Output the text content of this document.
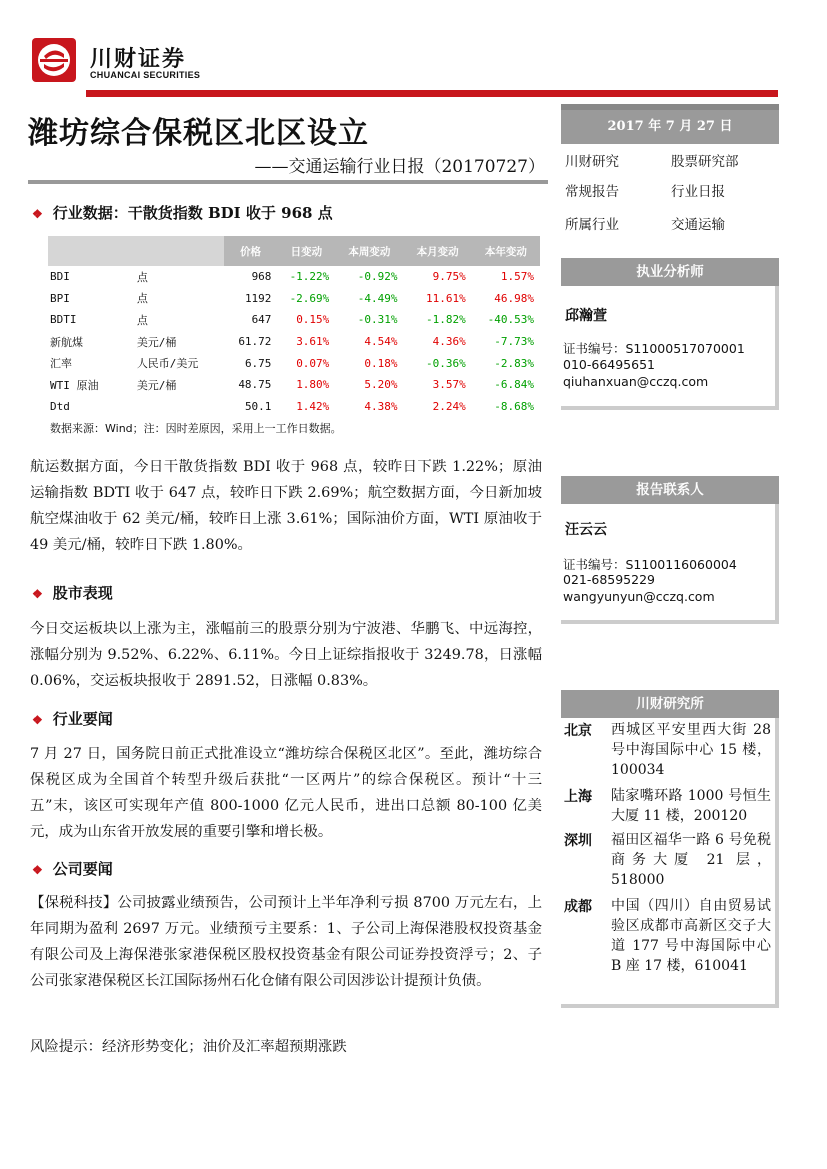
川财证券
CHUANCAI SECURITIES
潍坊综合保税区北区设立
——交通运输行业日报（20170727）
❖ 行业数据：干散货指数 BDI 收于 968 点
		价格	日变动	本周变动	本月变动	本年变动
BDI	点	968	-1.22%	-0.92%	9.75%	1.57%
BPI	点	1192	-2.69%	-4.49%	11.61%	46.98%
BDTI	点	647	0.15%	-0.31%	-1.82%	-40.53%
新航煤	美元/桶	61.72	3.61%	4.54%	4.36%	-7.73%
汇率	人民币/美元	6.75	0.07%	0.18%	-0.36%	-2.83%
WTI 原油	美元/桶	48.75	1.80%	5.20%	3.57%	-6.84%
Dtd		50.1	1.42%	4.38%	2.24%	-8.68%
数据来源：Wind；注：因时差原因，采用上一工作日数据。
航运数据方面，今日干散货指数 BDI 收于 968 点，较昨日下跌 1.22%；原油运输指数 BDTI 收于 647 点，较昨日下跌 2.69%；航空数据方面，今日新加坡航空煤油收于 62 美元/桶，较昨日上涨 3.61%；国际油价方面，WTI 原油收于 49 美元/桶，较昨日下跌 1.80%。
❖ 股市表现
今日交运板块以上涨为主，涨幅前三的股票分别为宁波港、华鹏飞、中远海控，涨幅分别为 9.52%、6.22%、6.11%。今日上证综指报收于 3249.78，日涨幅 0.06%，交运板块报收于 2891.52，日涨幅 0.83%。
❖ 行业要闻
7 月 27 日，国务院日前正式批准设立“潍坊综合保税区北区”。至此，潍坊综合保税区成为全国首个转型升级后获批“一区两片”的综合保税区。预计“十三五”末，该区可实现年产值 800-1000 亿元人民币，进出口总额 80-100 亿美元，成为山东省开放发展的重要引擎和增长极。
❖ 公司要闻
【保税科技】公司披露业绩预告，公司预计上半年净利亏损 8700 万元左右，上年同期为盈利 2697 万元。业绩预亏主要系：1、子公司上海保港股权投资基金有限公司及上海保港张家港保税区股权投资基金有限公司证券投资浮亏；2、子公司张家港保税区长江国际扬州石化仓储有限公司因涉讼计提预计负债。
风险提示：经济形势变化；油价及汇率超预期涨跌
2017 年 7 月 27 日
川财研究	股票研究部
常规报告	行业日报
所属行业	交通运输
执业分析师
邱瀚萱
证书编号：S1100051707000​1
010-66495651
qiuhanxuan@cczq.com
报告联系人
汪云云
证书编号：S1100116060004
021-68595229
wangyunyun@cczq.com
川财研究所
北京 西城区平安里西大街 28 号中海国际中心 15 楼，100034
上海 陆家嘴环路 1000 号恒生大厦 11 楼，200120
深圳 福田区福华一路 6 号免税商务大厦 21 层，518000
成都 中国（四川）自由贸易试验区成都市高新区交子大道 177 号中海国际中心 B 座 17 楼，610041
